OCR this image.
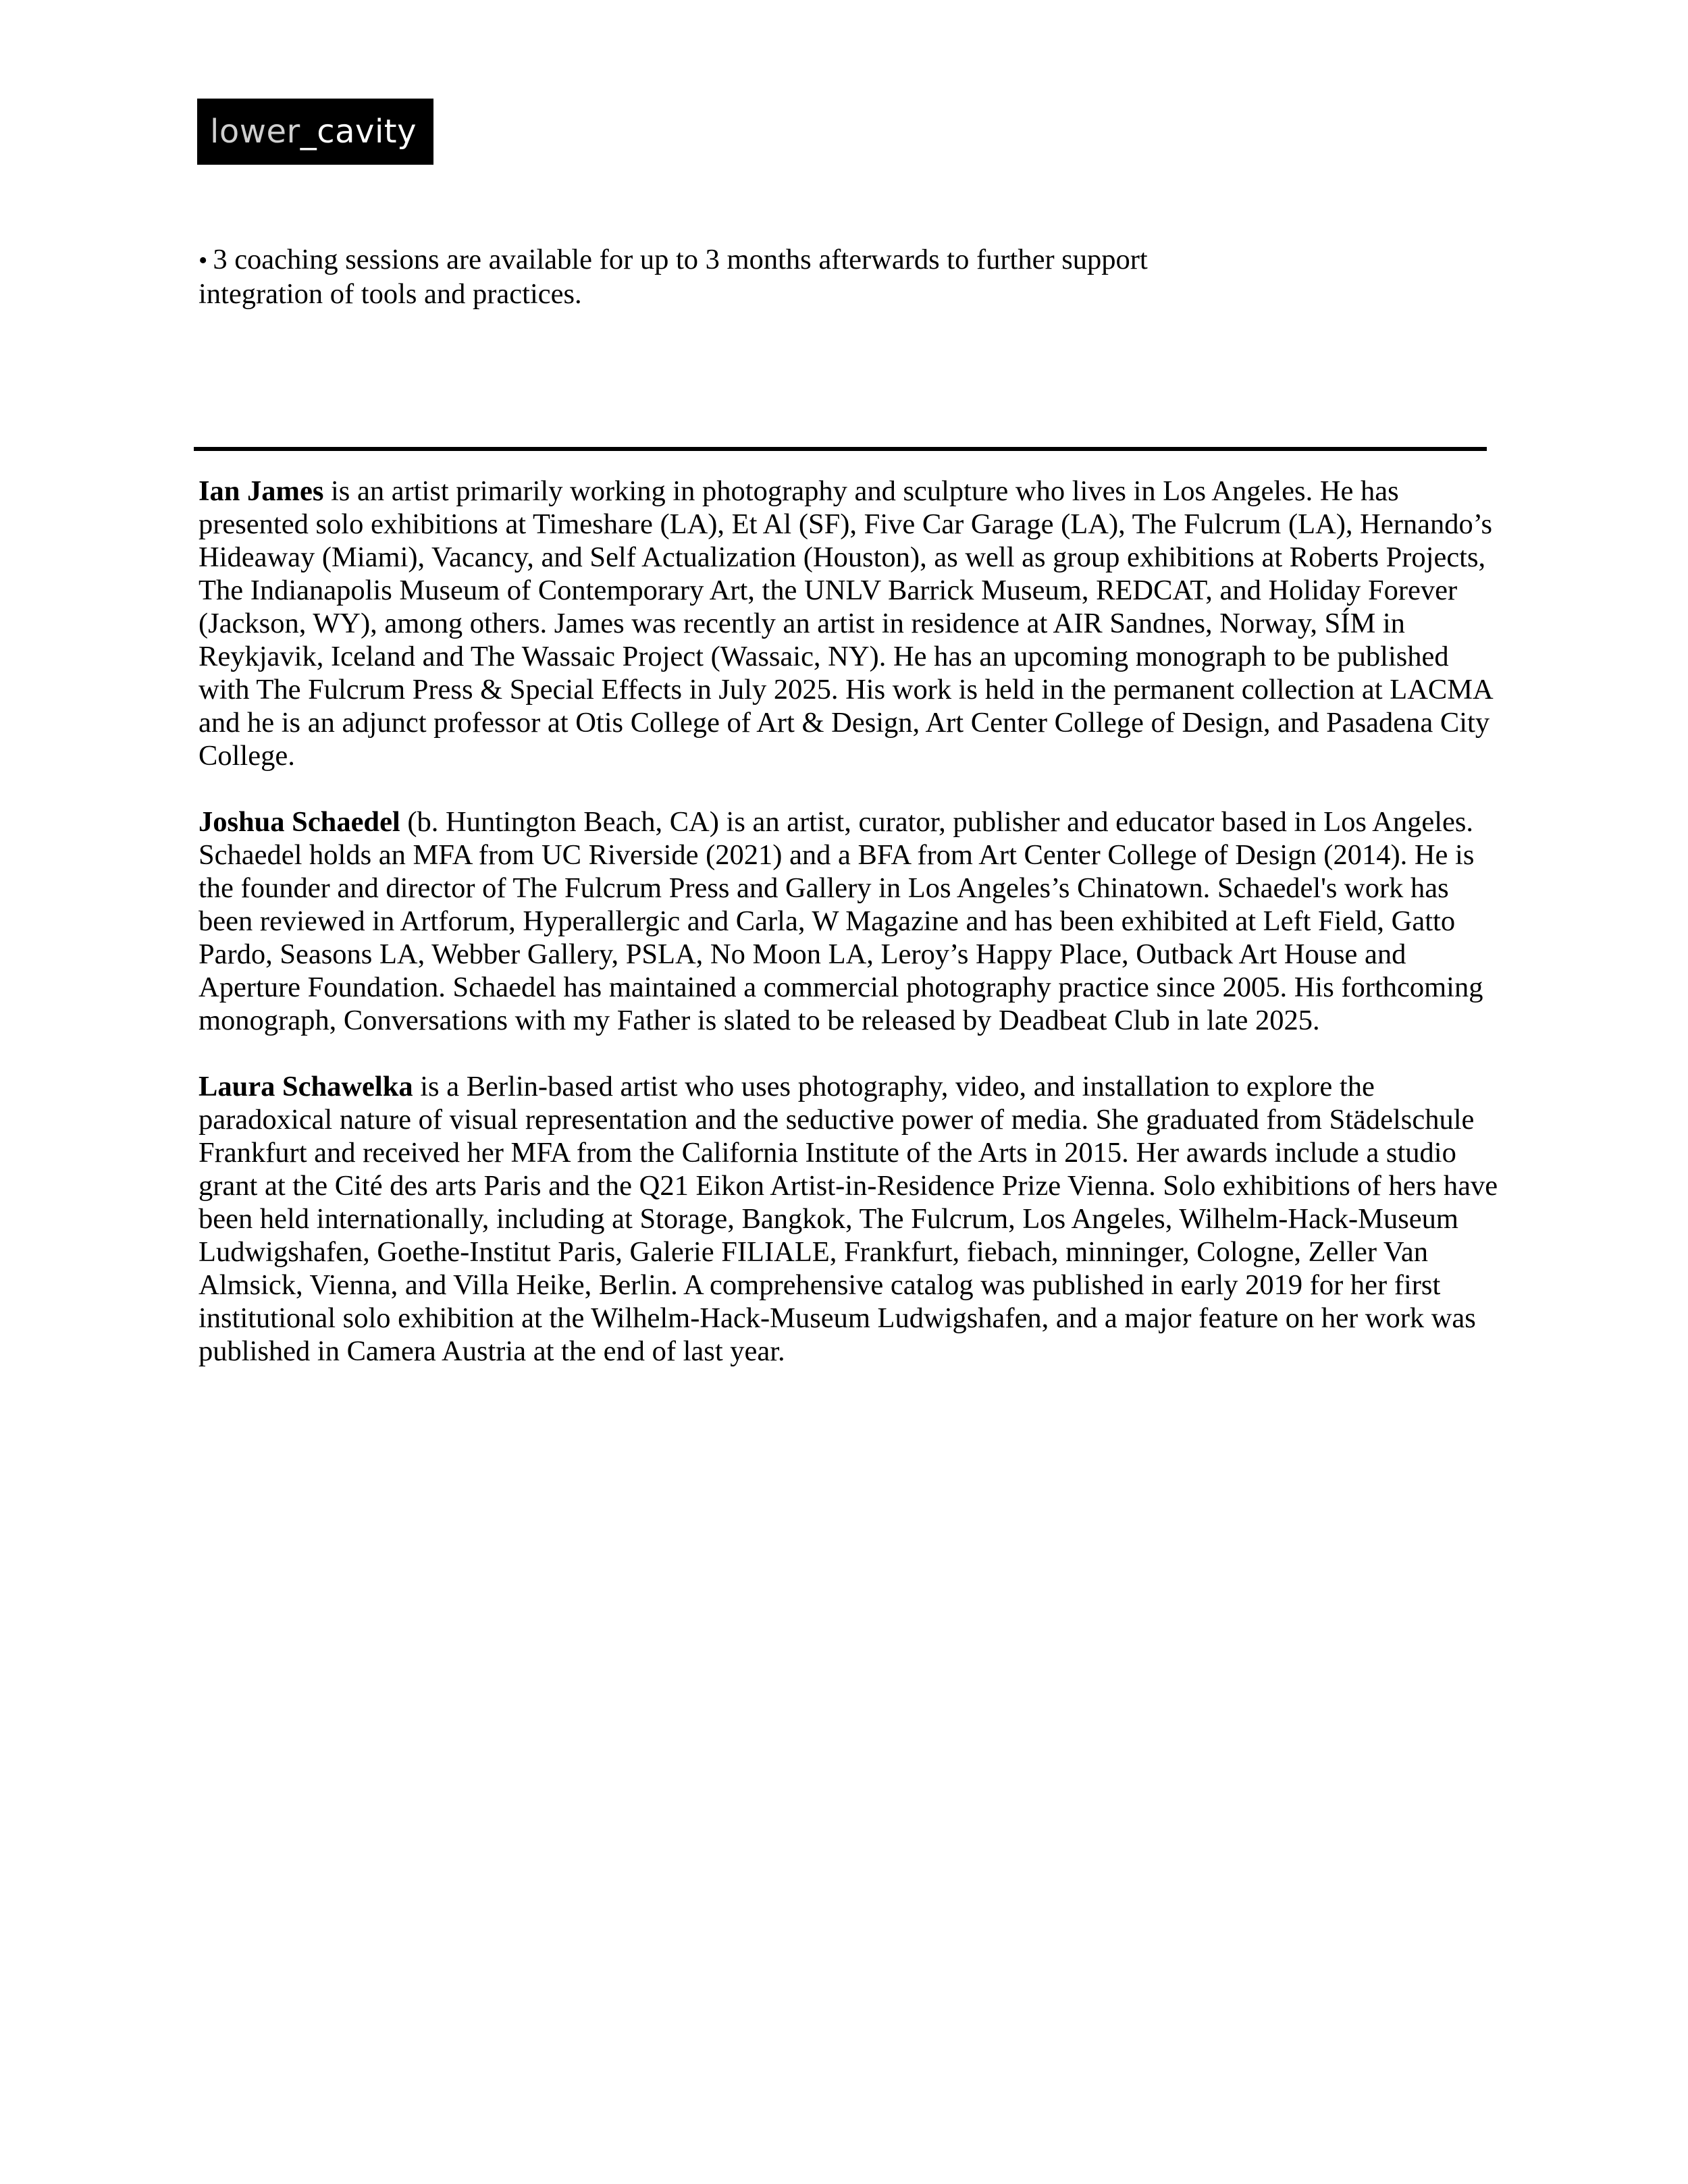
lower _cavity
• 3 coaching sessions are available for up to 3 months afterwards to further support
integration of tools and practices.

Ian James is an artist primarily working in photography and sculpture who lives in Los Angeles. He has presented solo exhibitions at Timeshare (LA), Et Al (SF), Five Car Garage (LA), The Fulcrum (LA), Hernando’s Hideaway (Miami), Vacancy, and Self Actualization (Houston), as well as group exhibitions at Roberts Projects, The Indianapolis Museum of Contemporary Art, the UNLV Barrick Museum, REDCAT, and Holiday Forever (Jackson, WY), among others. James was recently an artist in residence at AIR Sandnes, Norway, SÍM in Reykjavik, Iceland and The Wassaic Project (Wassaic, NY). He has an upcoming monograph to be published with The Fulcrum Press & Special Effects in July 2025. His work is held in the permanent collection at LACMA and he is an adjunct professor at Otis College of Art & Design, Art Center College of Design, and Pasadena City College.

Joshua Schaedel (b. Huntington Beach, CA) is an artist, curator, publisher and educator based in Los Angeles. Schaedel holds an MFA from UC Riverside (2021) and a BFA from Art Center College of Design (2014). He is the founder and director of The Fulcrum Press and Gallery in Los Angeles’s Chinatown. Schaedel's work has been reviewed in Artforum, Hyperallergic and Carla, W Magazine and has been exhibited at Left Field, Gatto Pardo, Seasons LA, Webber Gallery, PSLA, No Moon LA, Leroy’s Happy Place, Outback Art House and Aperture Foundation. Schaedel has maintained a commercial photography practice since 2005. His forthcoming monograph, Conversations with my Father is slated to be released by Deadbeat Club in late 2025.

Laura Schawelka is a Berlin-based artist who uses photography, video, and installation to explore the paradoxical nature of visual representation and the seductive power of media. She graduated from Städelschule Frankfurt and received her MFA from the California Institute of the Arts in 2015. Her awards include a studio grant at the Cité des arts Paris and the Q21 Eikon Artist-in-Residence Prize Vienna. Solo exhibitions of hers have been held internationally, including at Storage, Bangkok, The Fulcrum, Los Angeles, Wilhelm-Hack-Museum Ludwigshafen, Goethe-Institut Paris, Galerie FILIALE, Frankfurt, fiebach, minninger, Cologne, Zeller Van Almsick, Vienna, and Villa Heike, Berlin. A comprehensive catalog was published in early 2019 for her first institutional solo exhibition at the Wilhelm-Hack-Museum Ludwigshafen, and a major feature on her work was published in Camera Austria at the end of last year.
